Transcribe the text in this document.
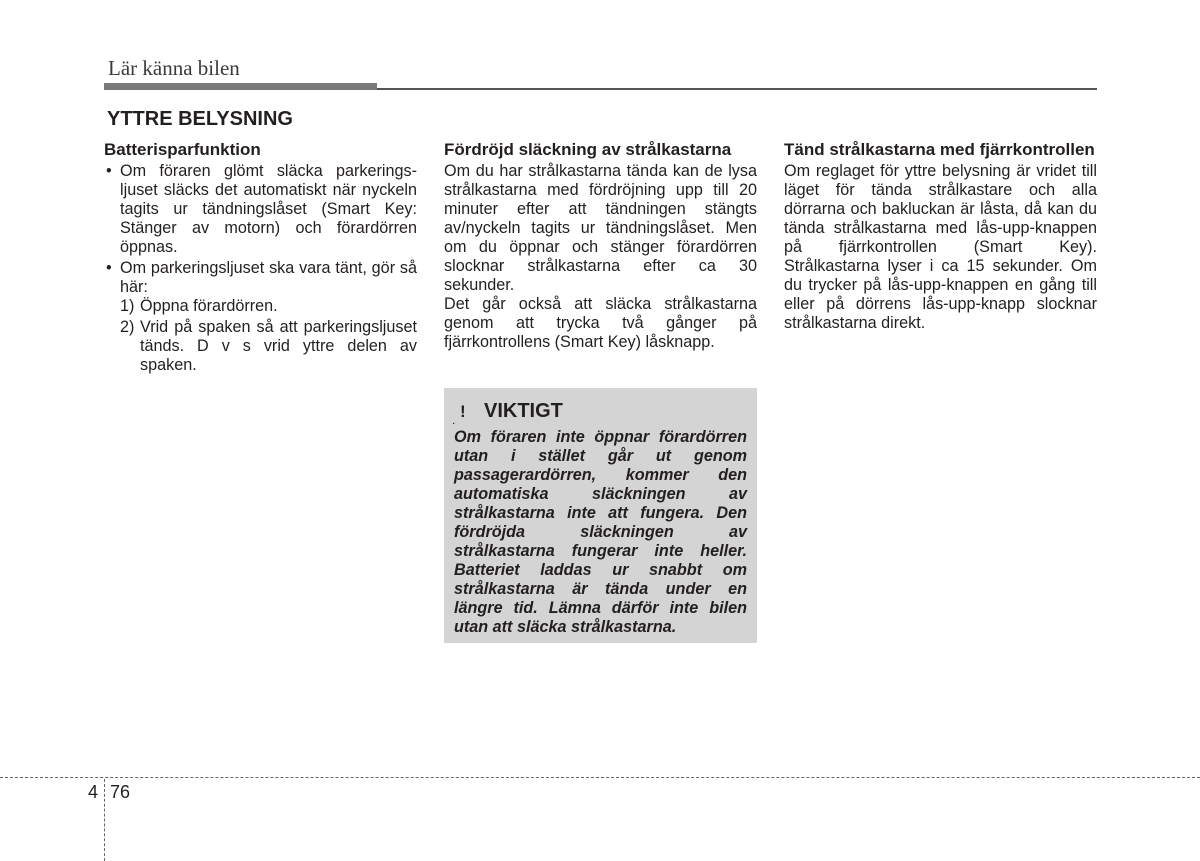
Lär känna bilen
YTTRE BELYSNING
Batterisparfunktion
• Om föraren glömt släcka parkerings-ljuset släcks det automatiskt när nyckeln tagits ur tändningslåset (Smart Key: Stänger av motorn) och förardörren öppnas.
• Om parkeringsljuset ska vara tänt, gör så här:
1) Öppna förardörren.
2) Vrid på spaken så att parkeringsljuset tänds. D v s vrid yttre delen av spaken.
Fördröjd släckning av strålkastarna
Om du har strålkastarna tända kan de lysa strålkastarna med fördröjning upp till 20 minuter efter att tändningen stängts av/nyckeln tagits ur tändningslåset. Men om du öppnar och stänger förardörren slocknar strålkastarna efter ca 30 sekunder.
Det går också att släcka strålkastarna genom att trycka två gånger på fjärrkontrollens (Smart Key) låsknapp.
. ! VIKTIGT
Om föraren inte öppnar förardörren utan i stället går ut genom passagerardörren, kommer den automatiska släckningen av strålkastarna inte att fungera. Den fördröjda släckningen av strålkastarna fungerar inte heller. Batteriet laddas ur snabbt om strålkastarna är tända under en längre tid. Lämna därför inte bilen utan att släcka strålkastarna.
Tänd strålkastarna med fjärrkontrollen
Om reglaget för yttre belysning är vridet till läget för tända strålkastare och alla dörrarna och bakluckan är låsta, då kan du tända strålkastarna med lås-upp-knappen på fjärrkontrollen (Smart Key). Strålkastarna lyser i ca 15 sekunder. Om du trycker på lås-upp-knappen en gång till eller på dörrens lås-upp-knapp slocknar strålkastarna direkt.
4 76
